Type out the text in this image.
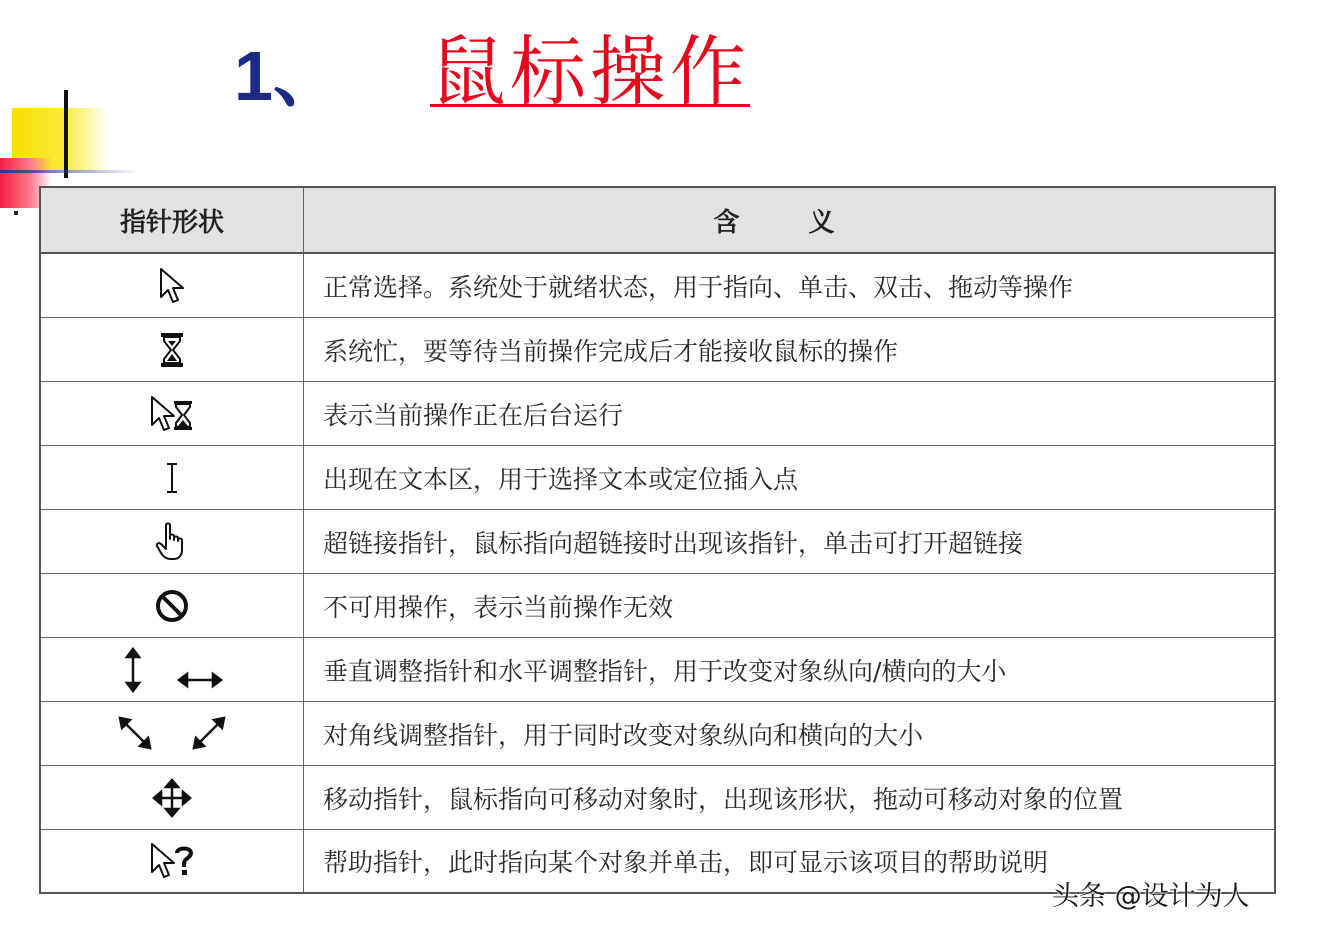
1、 鼠标操作
指针形状	含 义
正常选择。系统处于就绪状态，用于指向、单击、双击、拖动等操作
系统忙，要等待当前操作完成后才能接收鼠标的操作
表示当前操作正在后台运行
出现在文本区，用于选择文本或定位插入点
超链接指针，鼠标指向超链接时出现该指针，单击可打开超链接
不可用操作，表示当前操作无效
垂直调整指针和水平调整指针，用于改变对象纵向/横向的大小
对角线调整指针，用于同时改变对象纵向和横向的大小
移动指针，鼠标指向可移动对象时，出现该形状，拖动可移动对象的位置
帮助指针，此时指向某个对象并单击，即可显示该项目的帮助说明
头条 @设计为人
